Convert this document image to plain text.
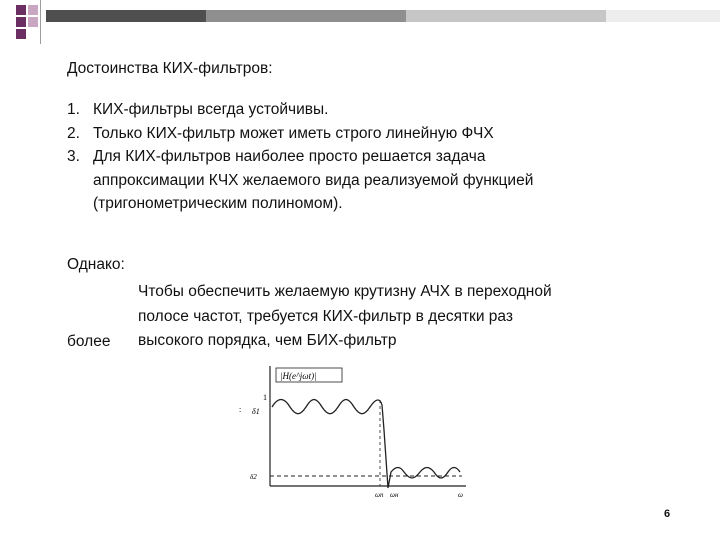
Достоинства КИХ-фильтров:
1. КИХ-фильтры всегда устойчивы.
2. Только КИХ-фильтр может иметь строго линейную ФЧХ
3. Для КИХ-фильтров наиболее просто решается задача
аппроксимации КЧХ желаемого вида реализуемой функцией
(тригонометрическим полиномом).
Однако:
Чтобы обеспечить желаемую крутизну АЧХ в переходной
полосе частот, требуется КИХ-фильтр в десятки раз
высокого порядка, чем БИХ-фильтр
более
|H(e^jωt)|
1
: δ1
δ2
ωп ωн	ω
6
